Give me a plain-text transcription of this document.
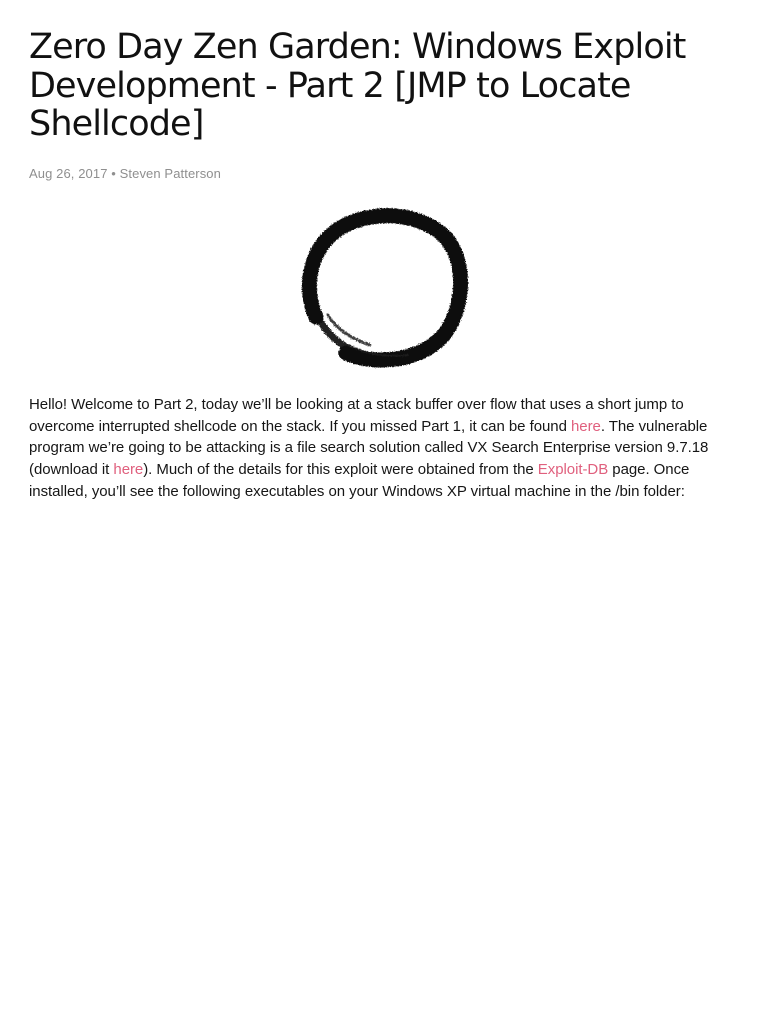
Zero Day Zen Garden: Windows Exploit Development - Part 2 [JMP to Locate Shellcode]
Aug 26, 2017 • Steven Patterson

Hello! Welcome to Part 2, today we’ll be looking at a stack buffer over flow that uses a short jump to overcome interrupted shellcode on the stack. If you missed Part 1, it can be found here. The vulnerable program we’re going to be attacking is a file search solution called VX Search Enterprise version 9.7.18 (download it here). Much of the details for this exploit were obtained from the Exploit-DB page. Once installed, you’ll see the following executables on your Windows XP virtual machine in the /bin folder:
